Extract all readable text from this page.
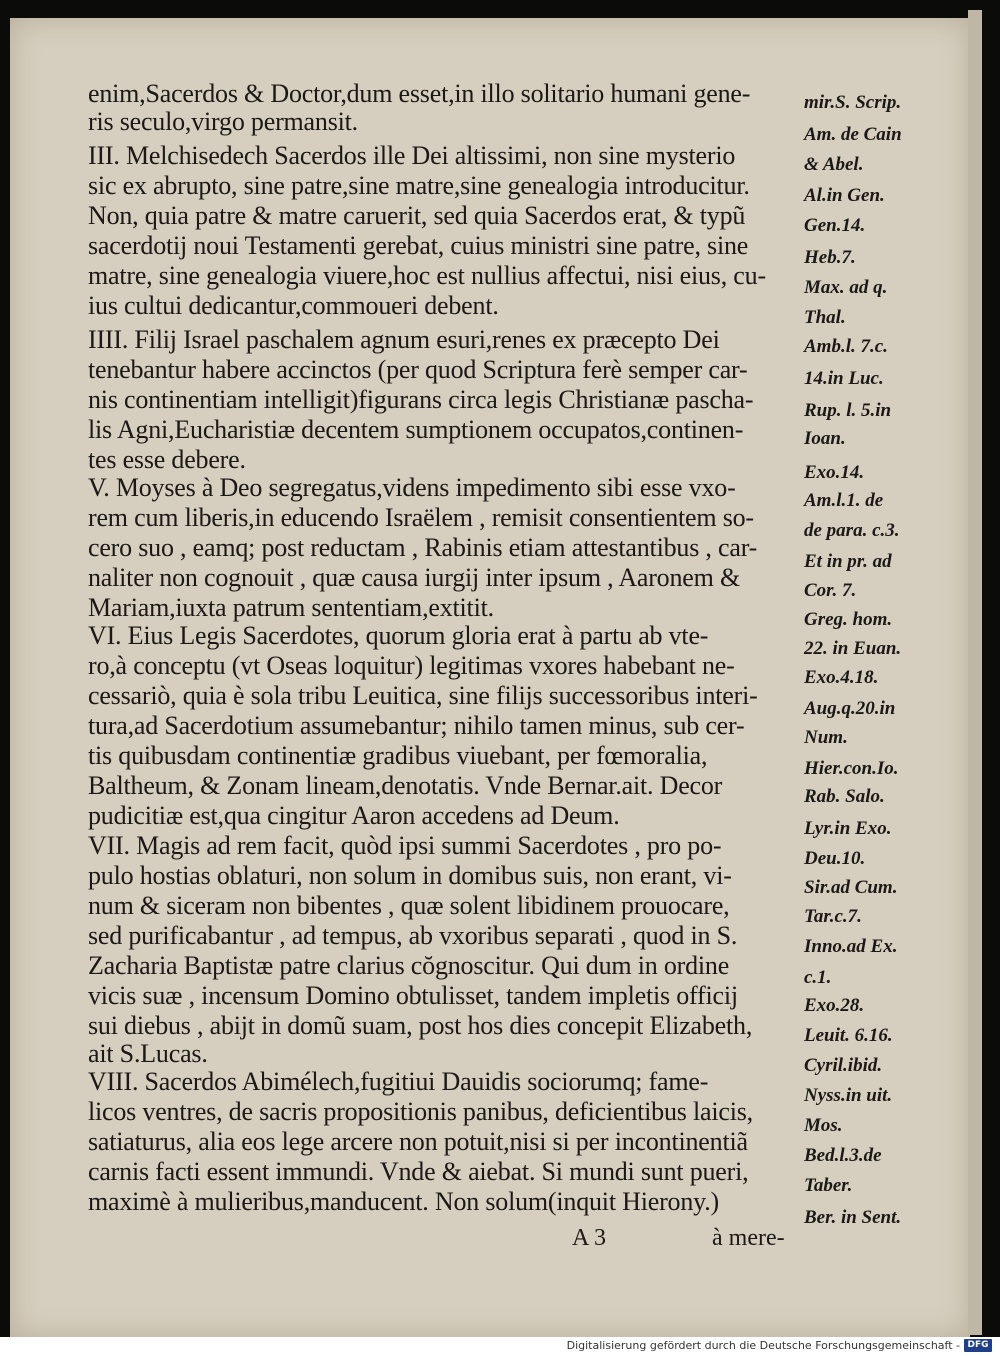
enim,Sacerdos & Doctor,dum esset,in illo solitario humani gene-
ris seculo,virgo permansit.
III. Melchisedech Sacerdos ille Dei altissimi, non sine mysterio
sic ex abrupto, sine patre,sine matre,sine genealogia introducitur.
Non, quia patre & matre caruerit, sed quia Sacerdos erat, & typũ
sacerdotij noui Testamenti gerebat, cuius ministri sine patre, sine
matre, sine genealogia viuere,hoc est nullius affectui, nisi eius, cu-
ius cultui dedicantur,commoueri debent.
IIII. Filij Israel paschalem agnum esuri,renes ex præcepto Dei
tenebantur habere accinctos (per quod Scriptura ferè semper car-
nis continentiam intelligit)figurans circa legis Christianæ pascha-
lis Agni,Eucharistiæ decentem sumptionem occupatos,continen-
tes esse debere.
V. Moyses à Deo segregatus,videns impedimento sibi esse vxo-
rem cum liberis,in educendo Israëlem , remisit consentientem so-
cero suo , eamq; post reductam , Rabinis etiam attestantibus , car-
naliter non cognouit , quæ causa iurgij inter ipsum , Aaronem &
Mariam,iuxta patrum sententiam,extitit.
VI. Eius Legis Sacerdotes, quorum gloria erat à partu ab vte-
ro,à conceptu (vt Oseas loquitur) legitimas vxores habebant ne-
cessariò, quia è sola tribu Leuitica, sine filijs successoribus interi-
tura,ad Sacerdotium assumebantur; nihilo tamen minus, sub cer-
tis quibusdam continentiæ gradibus viuebant, per fœmoralia,
Baltheum, & Zonam lineam,denotatis. Vnde Bernar.ait. Decor
pudicitiæ est,qua cingitur Aaron accedens ad Deum.
VII. Magis ad rem facit, quòd ipsi summi Sacerdotes , pro po-
pulo hostias oblaturi, non solum in domibus suis, non erant, vi-
num & siceram non bibentes , quæ solent libidinem prouocare,
sed purificabantur , ad tempus, ab vxoribus separati , quod in S.
Zacharia Baptistæ patre clarius cŏgnoscitur. Qui dum in ordine
vicis suæ , incensum Domino obtulisset, tandem impletis officij
sui diebus , abijt in domũ suam, post hos dies concepit Elizabeth,
ait S.Lucas.
VIII. Sacerdos Abimélech,fugitiui Dauidis sociorumq; fame-
licos ventres, de sacris propositionis panibus, deficientibus laicis,
satiaturus, alia eos lege arcere non potuit,nisi si per incontinentiã
carnis facti essent immundi. Vnde & aiebat. Si mundi sunt pueri,
maximè à mulieribus,manducent. Non solum(inquit Hierony.)
mir.S. Scrip.
Am. de Cain
& Abel.
Al.in Gen.
Gen.14.
Heb.7.
Max. ad q.
Thal.
Amb.l. 7.c.
14.in Luc.
Rup. l. 5.in
Ioan.
Exo.14.
Am.l.1. de
de para. c.3.
Et in pr. ad
Cor. 7.
Greg. hom.
22. in Euan.
Exo.4.18.
Aug.q.20.in
Num.
Hier.con.Io.
Rab. Salo.
Lyr.in Exo.
Deu.10.
Sir.ad Cum.
Tar.c.7.
Inno.ad Ex.
c.1.
Exo.28.
Leuit. 6.16.
Cyril.ibid.
Nyss.in uit.
Mos.
Bed.l.3.de
Taber.
Ber. in Sent.
A 3	à mere-
Digitalisierung gefördert durch die Deutsche Forschungsgemeinschaft - DFG
